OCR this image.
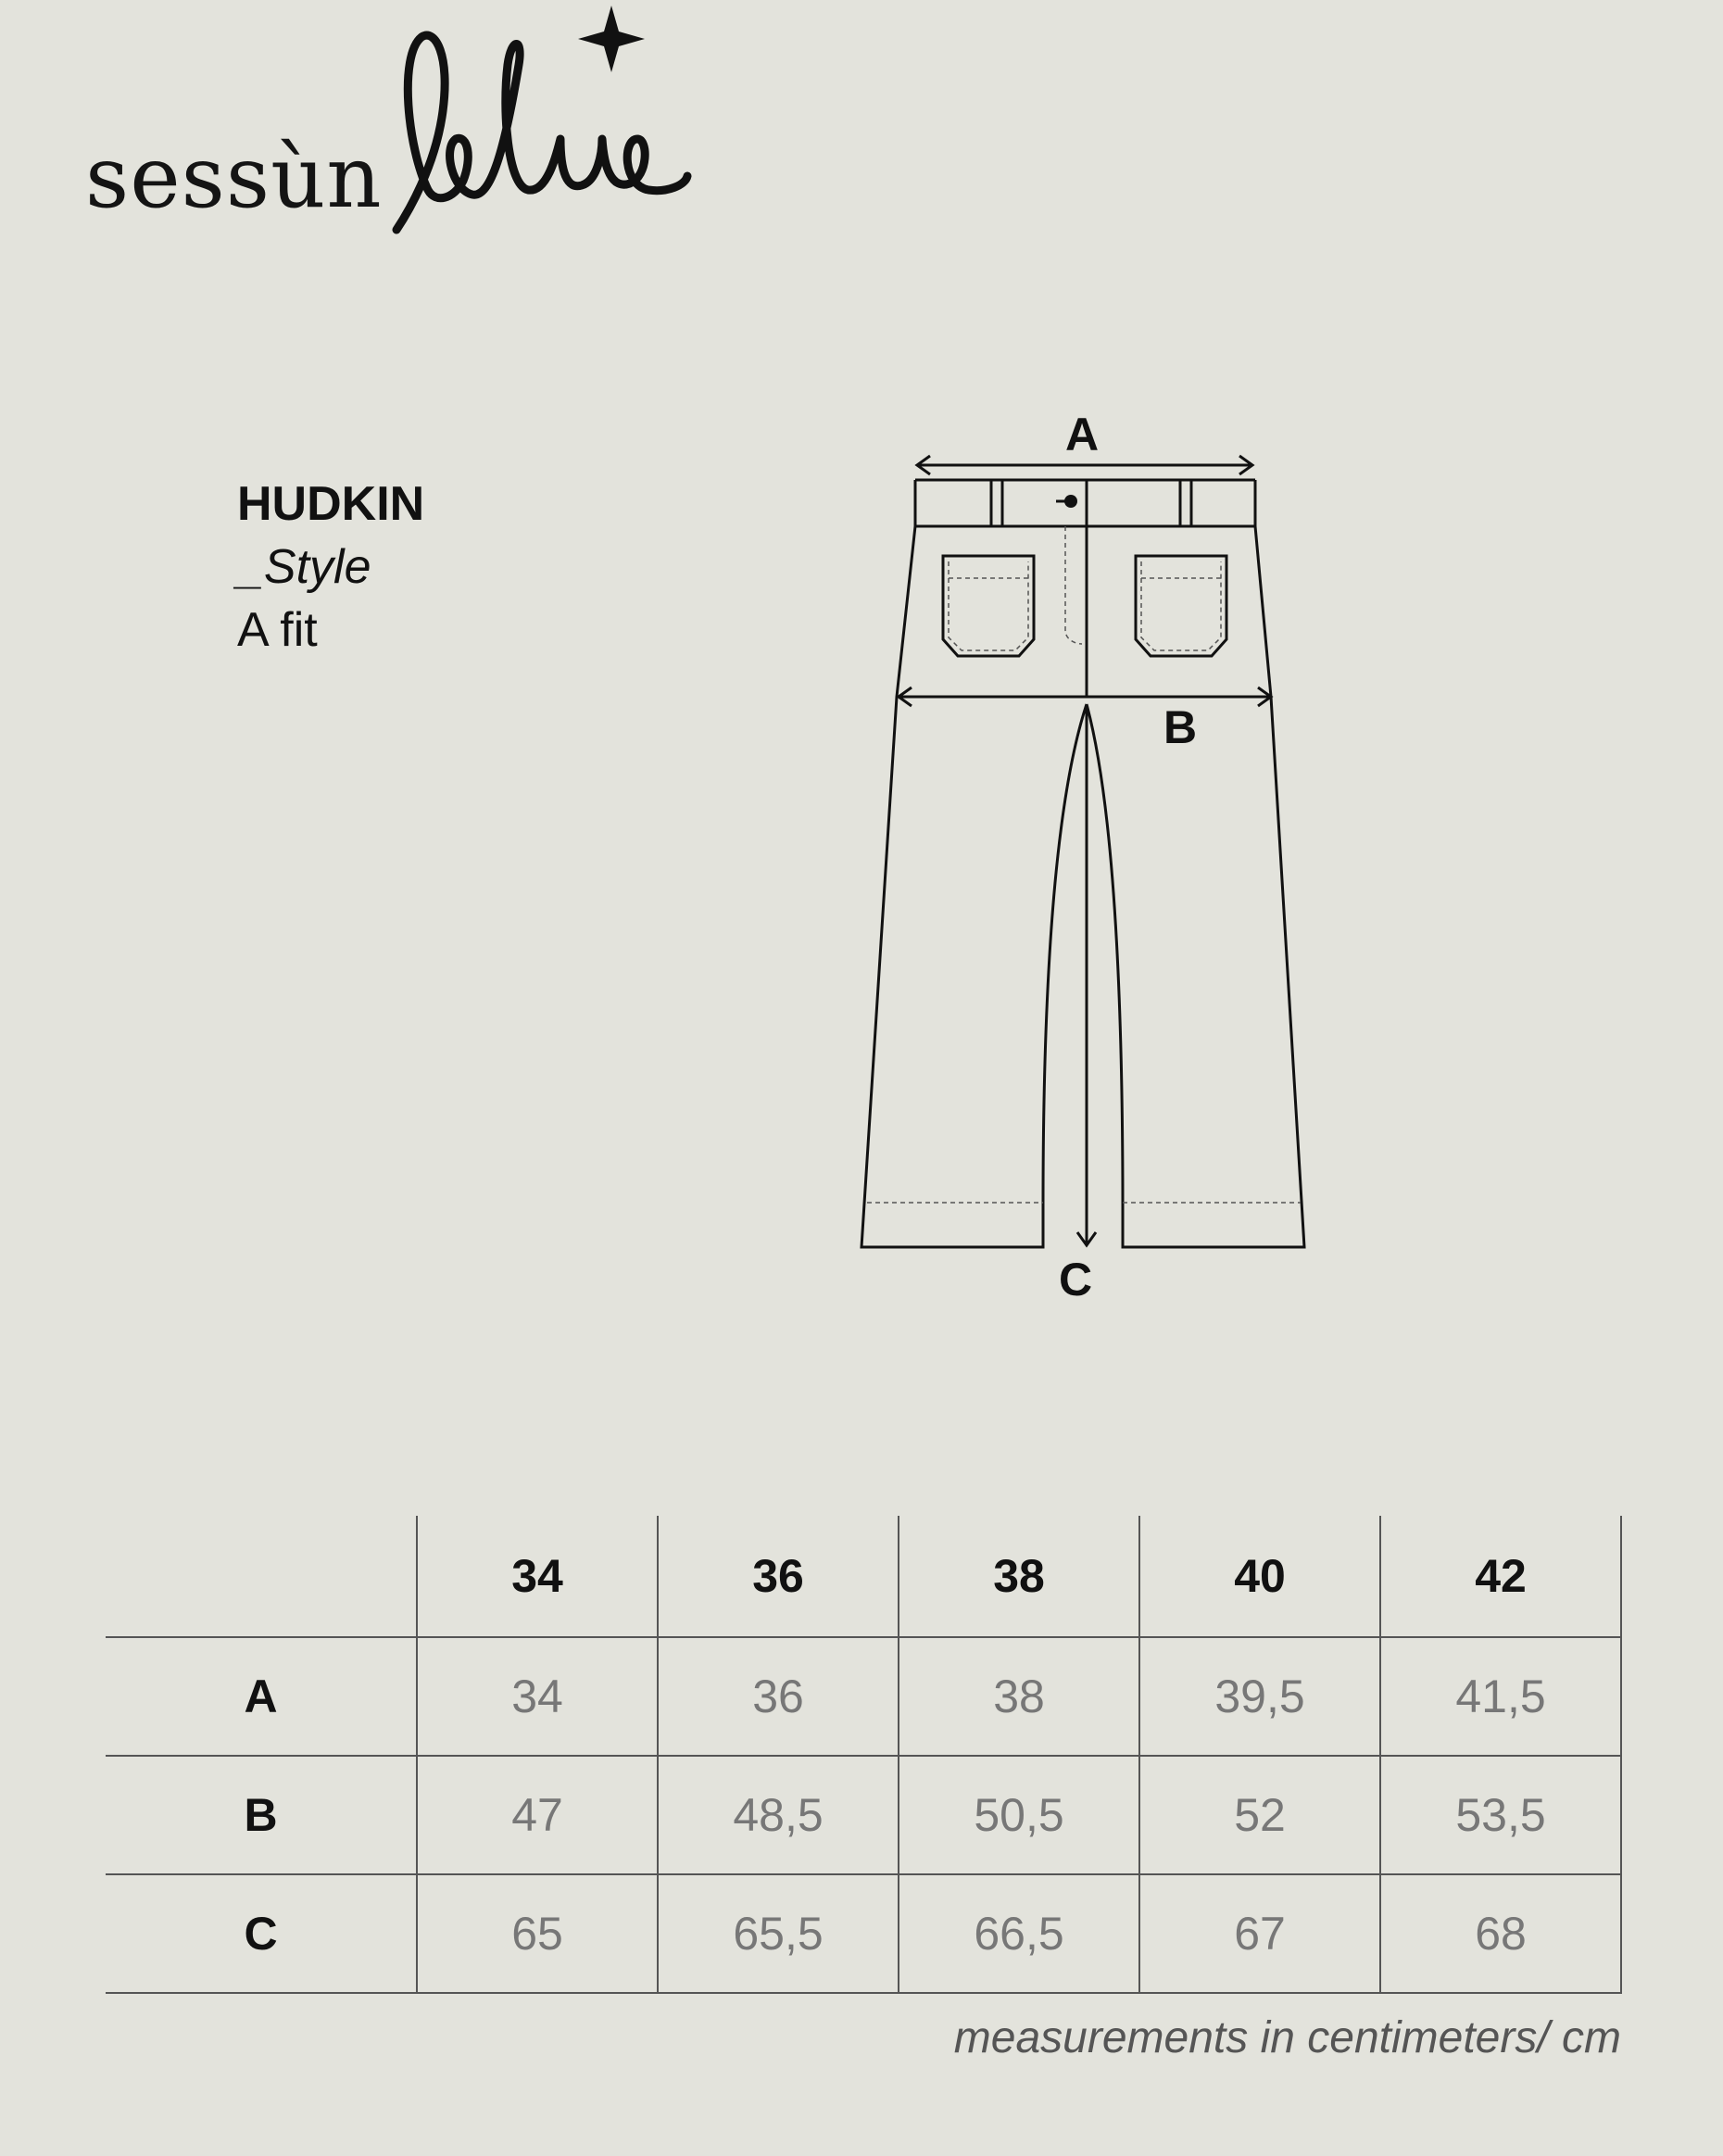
sessùn
HUDKIN
_Style
A fit
A
B
C
	34	36	38	40	42
A	34	36	38	39,5	41,5
B	47	48,5	50,5	52	53,5
C	65	65,5	66,5	67	68
measurements in centimeters/ cm
